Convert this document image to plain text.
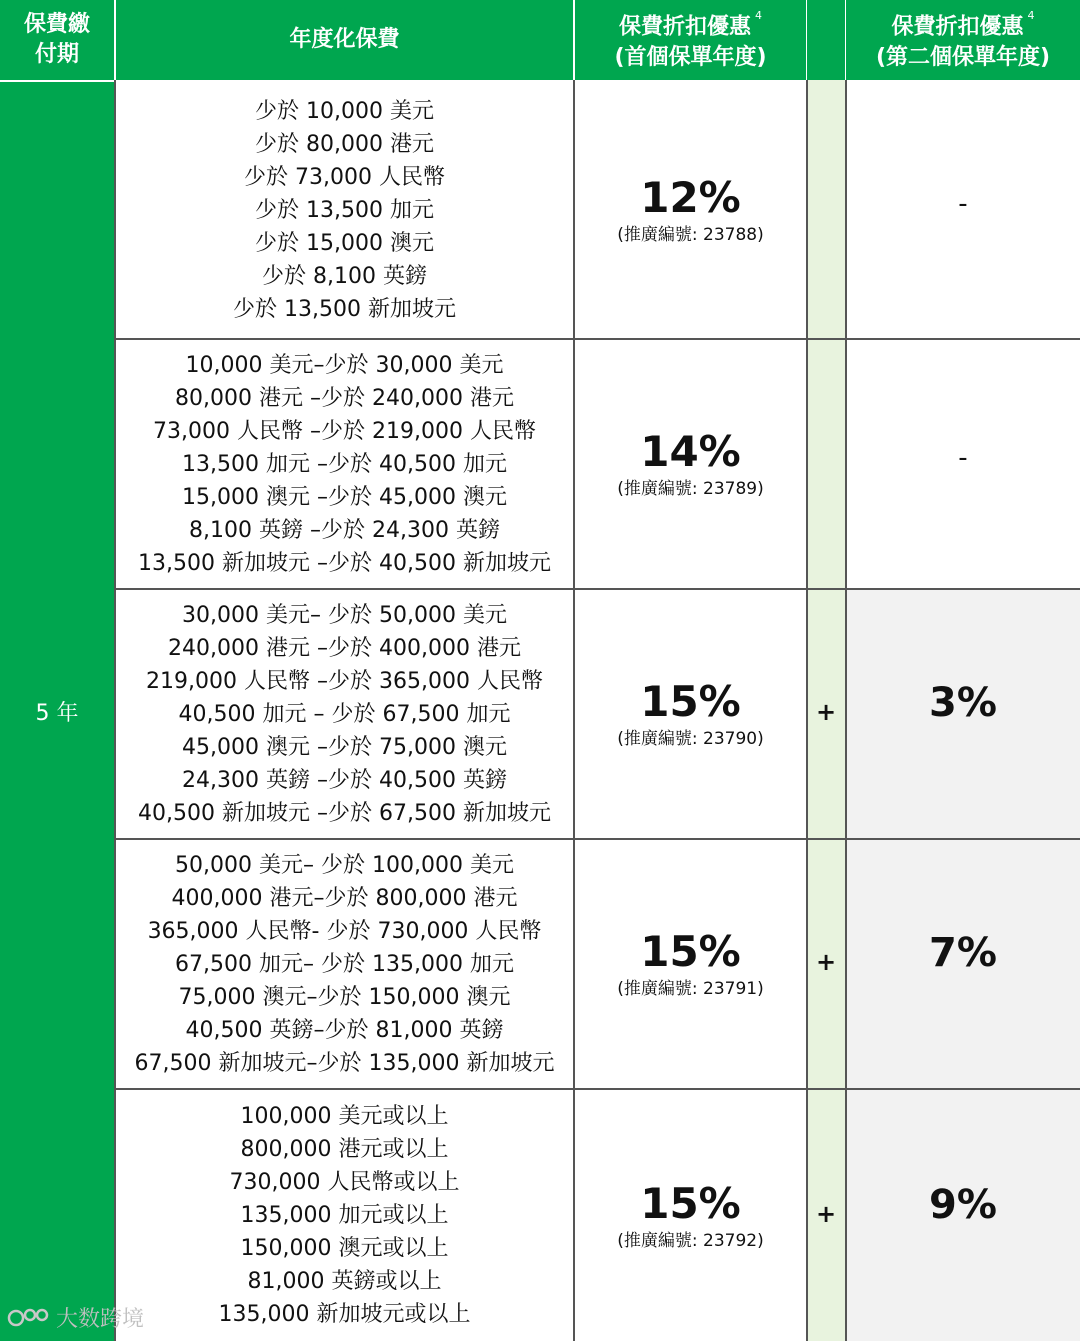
保費繳
付期
年度化保費	保費折扣優惠 $^4$
(首個保單年度)
保費折扣優惠 $^4$
(第二個保單年度)
5 年
少於 10,000 美元
少於 80,000 港元
少於 73,000 人民幣
少於 13,500 加元
少於 15,000 澳元
少於 8,100 英鎊
少於 13,500 新加坡元
12%
(推廣編號: 23788)
-
10,000 美元–少於 30,000 美元
80,000 港元 –少於 240,000 港元
73,000 人民幣 –少於 219,000 人民幣
13,500 加元 –少於 40,500 加元
15,000 澳元 –少於 45,000 澳元
8,100 英鎊 –少於 24,300 英鎊
13,500 新加坡元 –少於 40,500 新加坡元
14%
(推廣編號: 23789)
-
30,000 美元– 少於 50,000 美元
240,000 港元 –少於 400,000 港元
219,000 人民幣 –少於 365,000 人民幣
40,500 加元 – 少於 67,500 加元
45,000 澳元 –少於 75,000 澳元
24,300 英鎊 –少於 40,500 英鎊
40,500 新加坡元 –少於 67,500 新加坡元
15%
(推廣編號: 23790)
+ 3%
50,000 美元– 少於 100,000 美元
400,000 港元–少於 800,000 港元
365,000 人民幣- 少於 730,000 人民幣
67,500 加元– 少於 135,000 加元
75,000 澳元–少於 150,000 澳元
40,500 英鎊–少於 81,000 英鎊
67,500 新加坡元–少於 135,000 新加坡元
15%
(推廣編號: 23791)
+ 7%
100,000 美元或以上
800,000 港元或以上
730,000 人民幣或以上
135,000 加元或以上
150,000 澳元或以上
81,000 英鎊或以上
135,000 新加坡元或以上
15%
(推廣編號: 23792)
+ 9%
大数跨境
